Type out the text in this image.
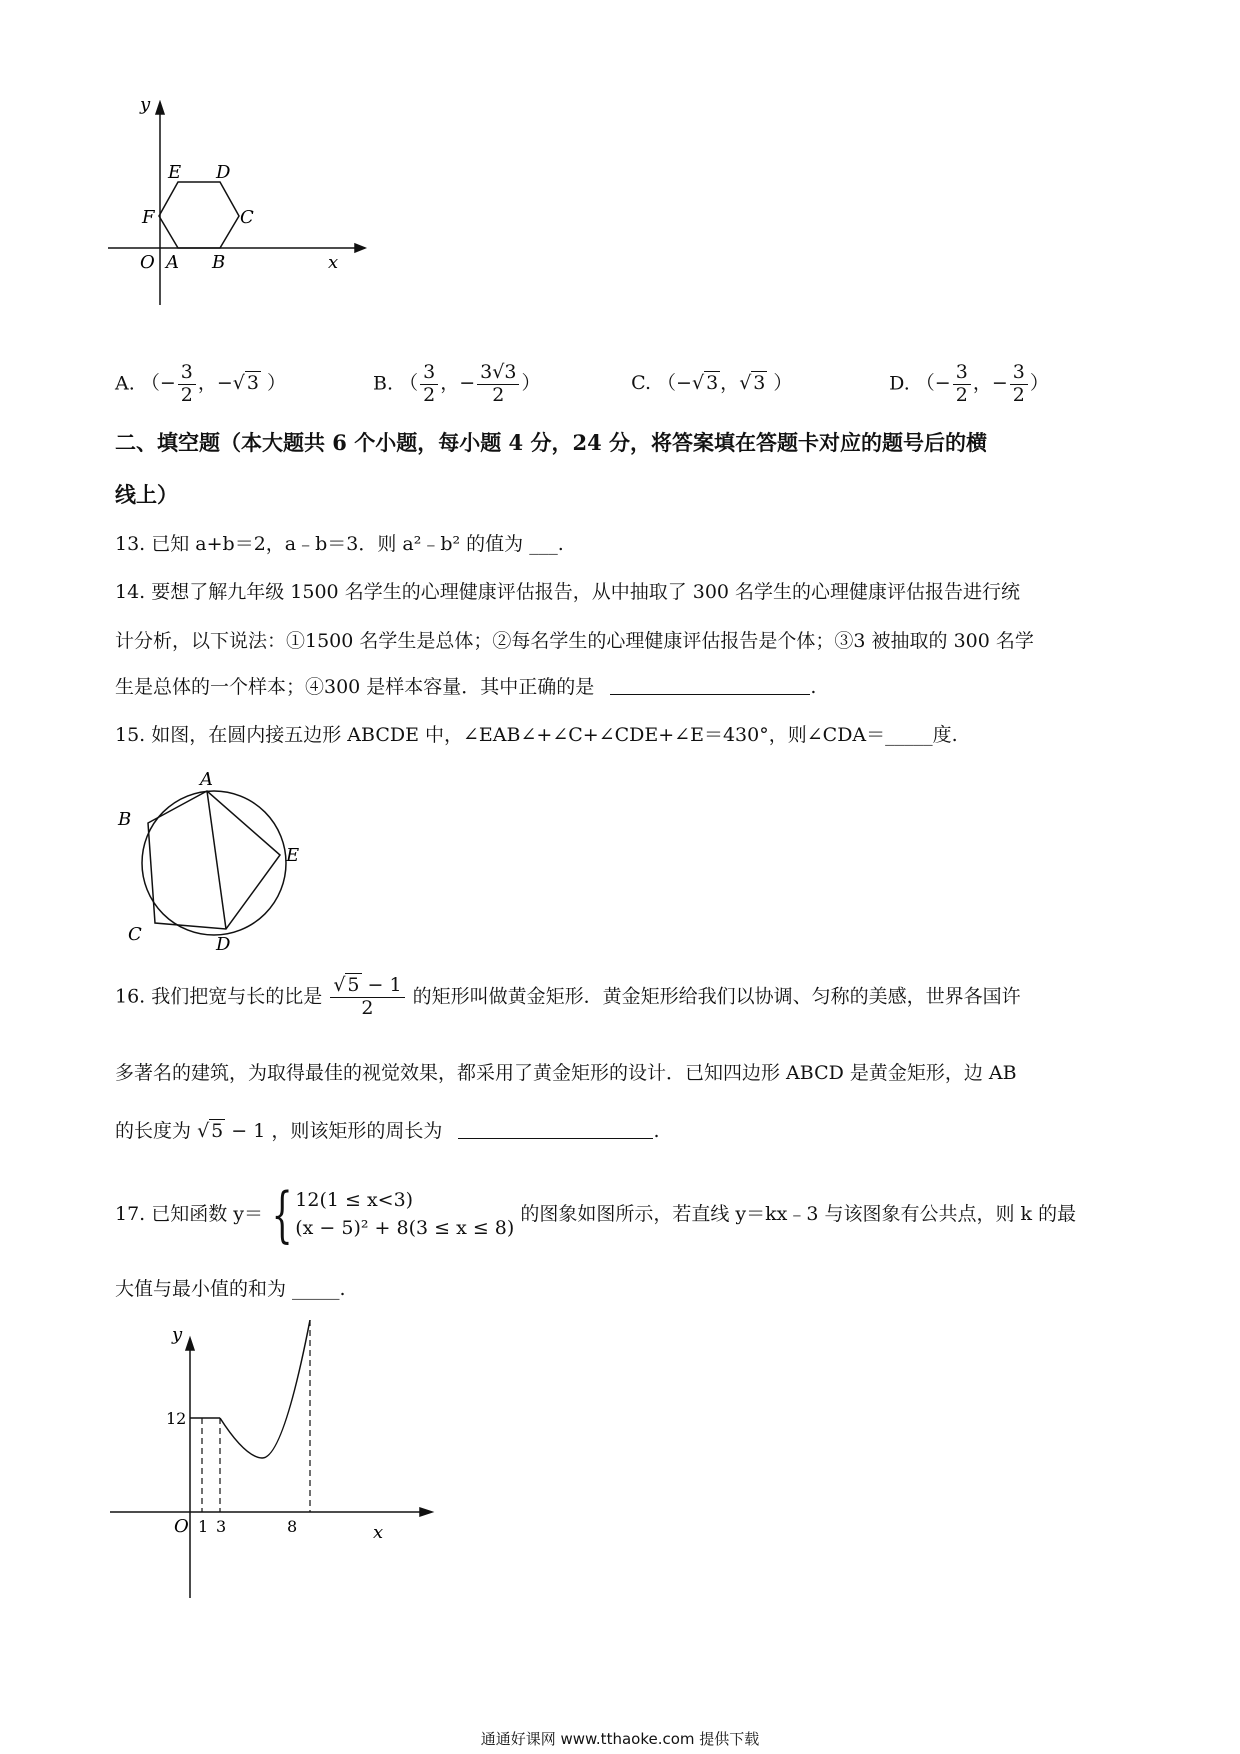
y
x
O A B
C
D
E
F
A. （− $\frac{3}{2}$ ，−√ 3 ）	B. （ $\frac{3}{2}$ ，− $\frac{3√3}{2}$ ）	C. （−√ 3 ，√ 3 ）	D. （− $\frac{3}{2}$ ，− $\frac{3}{2}$ ）
二、填空题（本大题共 6 个小题，每小题 4 分，24 分，将答案填在答题卡对应的题号后的横
线上）
13. 已知 a+b＝2，a﹣b＝3．则 a²﹣b² 的值为 ___.
14. 要想了解九年级 1500 名学生的心理健康评估报告，从中抽取了 300 名学生的心理健康评估报告进行统
计分析，以下说法：①1500 名学生是总体；②每名学生的心理健康评估报告是个体；③3 被抽取的 300 名学
生是总体的一个样本；④300 是样本容量．其中正确的是	.
15. 如图，在圆内接五边形 ABCDE 中，∠EAB∠+∠C+∠CDE+∠E＝430°，则∠CDA＝_____度.
A
B
C	D
E
16. 我们把宽与长的比是 $\frac{√ 5 - 1}{2}$ 的矩形叫做黄金矩形．黄金矩形给我们以协调、匀称的美感，世界各国许
多著名的建筑，为取得最佳的视觉效果，都采用了黄金矩形的设计．已知四边形 ABCD 是黄金矩形，边 AB
的长度为 √ 5 − 1 ，则该矩形的周长为	.
17. 已知函数 y＝ { 12(1 ≤ x<3)
(x − 5)² + 8(3 ≤ x ≤ 8)
的图象如图所示，若直线 y＝kx﹣3 与该图象有公共点，则 k 的最
大值与最小值的和为 _____.
y
x
O 1 3	8
12
通通好课网 www.tthaoke.com 提供下载
